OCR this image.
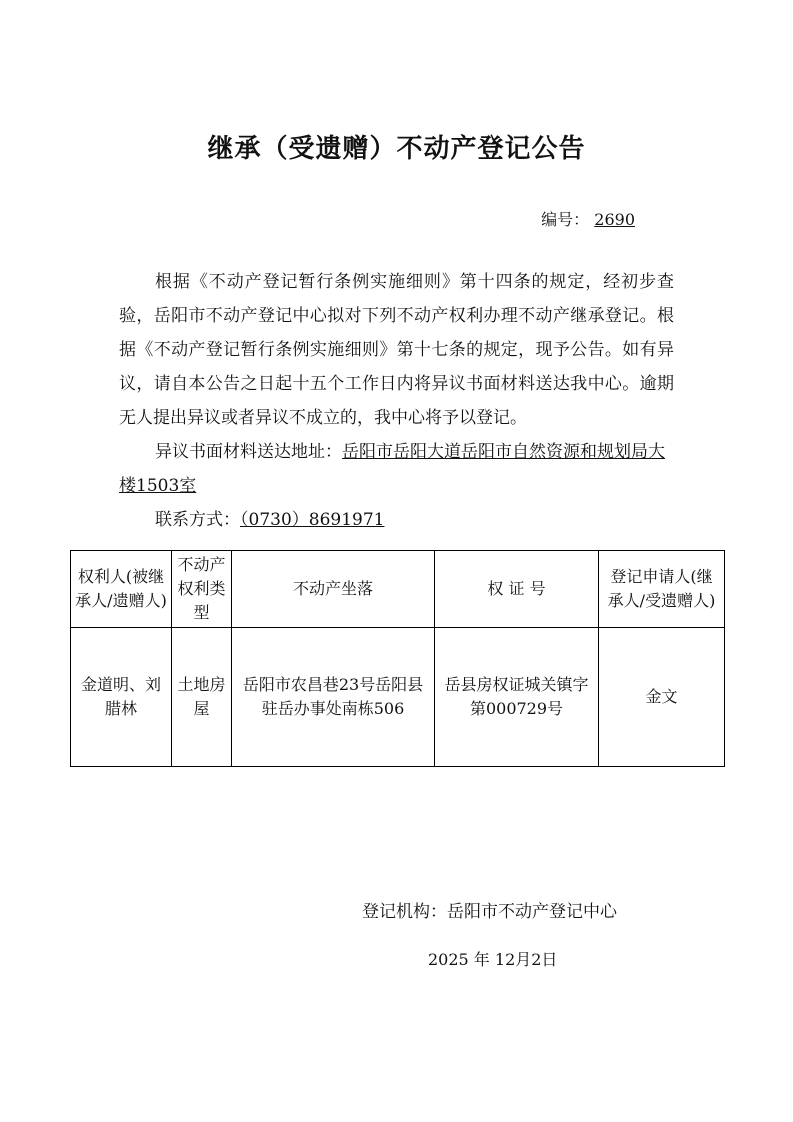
继承（受遗赠）不动产登记公告
编号： 2690

根据《不动产登记暂行条例实施细则》第十四条的规定，经初步查验，岳阳市不动产登记中心拟对下列不动产权利办理不动产继承登记。根据《不动产登记暂行条例实施细则》第十七条的规定，现予公告。如有异议，请自本公告之日起十五个工作日内将异议书面材料送达我中心。逾期无人提出异议或者异议不成立的，我中心将予以登记。

异议书面材料送达地址：岳阳市岳阳大道岳阳市自然资源和规划局大楼1503室

联系方式：（0730）8691971

权利人(被继承人/遗赠人)	不动产权利类型	不动产坐落	权 证 号	登记申请人(继承人/受遗赠人)
金道明、刘腊林	土地房屋	岳阳市农昌巷23号岳阳县驻岳办事处南栋506	岳县房权证城关镇字第000729号	金文
登记机构：岳阳市不动产登记中心
2025 年 12月2日
